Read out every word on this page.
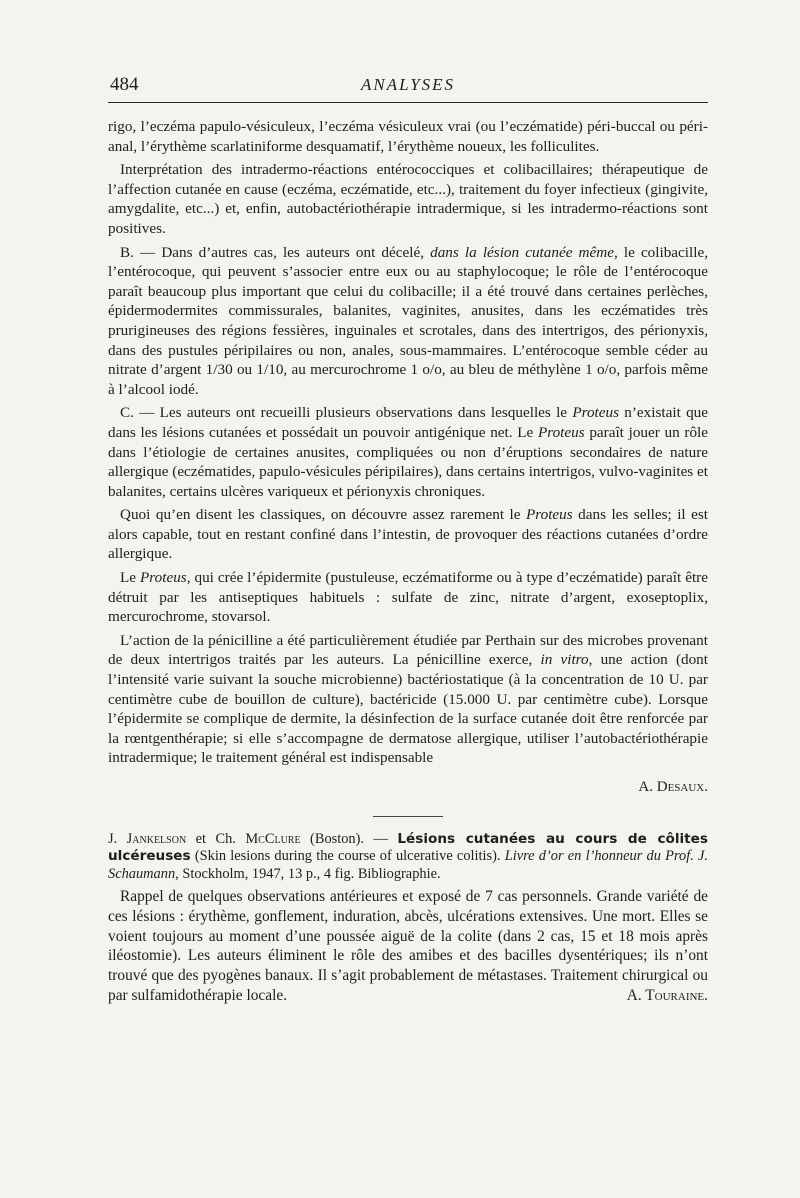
484	ANALYSES

rigo, l’eczéma papulo-vésiculeux, l’eczéma vésiculeux vrai (ou l’eczématide) péri-buccal ou péri-anal, l’érythème scarlatiniforme desquamatif, l’érythème noueux, les folliculites.

Interprétation des intradermo-réactions entérococciques et colibacillaires; thérapeutique de l’affection cutanée en cause (eczéma, eczématide, etc...), traitement du foyer infectieux (gingivite, amygdalite, etc...) et, enfin, autobactériothérapie intradermique, si les intradermo-réactions sont positives.

B. — Dans d’autres cas, les auteurs ont décelé, dans la lésion cutanée même, le colibacille, l’entérocoque, qui peuvent s’associer entre eux ou au staphylocoque; le rôle de l’entérocoque paraît beaucoup plus important que celui du colibacille; il a été trouvé dans certaines perlèches, épidermodermites commissurales, balanites, vaginites, anusites, dans les eczématides très prurigineuses des régions fessières, inguinales et scrotales, dans des intertrigos, des périonyxis, dans des pustules péripilaires ou non, anales, sous-mammaires. L’entérocoque semble céder au nitrate d’argent 1/30 ou 1/10, au mercurochrome 1 o/o, au bleu de méthylène 1 o/o, parfois même à l’alcool iodé.

C. — Les auteurs ont recueilli plusieurs observations dans lesquelles le Proteus n’existait que dans les lésions cutanées et possédait un pouvoir antigénique net. Le Proteus paraît jouer un rôle dans l’étiologie de certaines anusites, compliquées ou non d’éruptions secondaires de nature allergique (eczématides, papulo-vésicules péripilaires), dans certains intertrigos, vulvo-vaginites et balanites, certains ulcères variqueux et périonyxis chroniques.

Quoi qu’en disent les classiques, on découvre assez rarement le Proteus dans les selles; il est alors capable, tout en restant confiné dans l’intestin, de provoquer des réactions cutanées d’ordre allergique.

Le Proteus, qui crée l’épidermite (pustuleuse, eczématiforme ou à type d’eczématide) paraît être détruit par les antiseptiques habituels : sulfate de zinc, nitrate d’argent, exoseptoplix, mercurochrome, stovarsol.

L’action de la pénicilline a été particulièrement étudiée par Perthain sur des microbes provenant de deux intertrigos traités par les auteurs. La pénicilline exerce, in vitro, une action (dont l’intensité varie suivant la souche microbienne) bactériostatique (à la concentration de 10 U. par centimètre cube de bouillon de culture), bactéricide (15.000 U. par centimètre cube). Lorsque l’épidermite se complique de dermite, la désinfection de la surface cutanée doit être renforcée par la rœntgenthérapie; si elle s’accompagne de dermatose allergique, utiliser l’autobactériothérapie intradermique; le traitement général est indispensable

A. Desaux.

J. Jankelson et Ch. McClure (Boston). — Lésions cutanées au cours de côlites ulcéreuses (Skin lesions during the course of ulcerative colitis). Livre d’or en l’honneur du Prof. J. Schaumann, Stockholm, 1947, 13 p., 4 fig. Bibliographie.

Rappel de quelques observations antérieures et exposé de 7 cas personnels. Grande variété de ces lésions : érythème, gonflement, induration, abcès, ulcérations extensives. Une mort. Elles se voient toujours au moment d’une poussée aiguë de la colite (dans 2 cas, 15 et 18 mois après iléostomie). Les auteurs éliminent le rôle des amibes et des bacilles dysentériques; ils n’ont trouvé que des pyogènes banaux. Il s’agit probablement de métastases. Traitement chirurgical ou par sulfamidothérapie locale.	A. Touraine.
